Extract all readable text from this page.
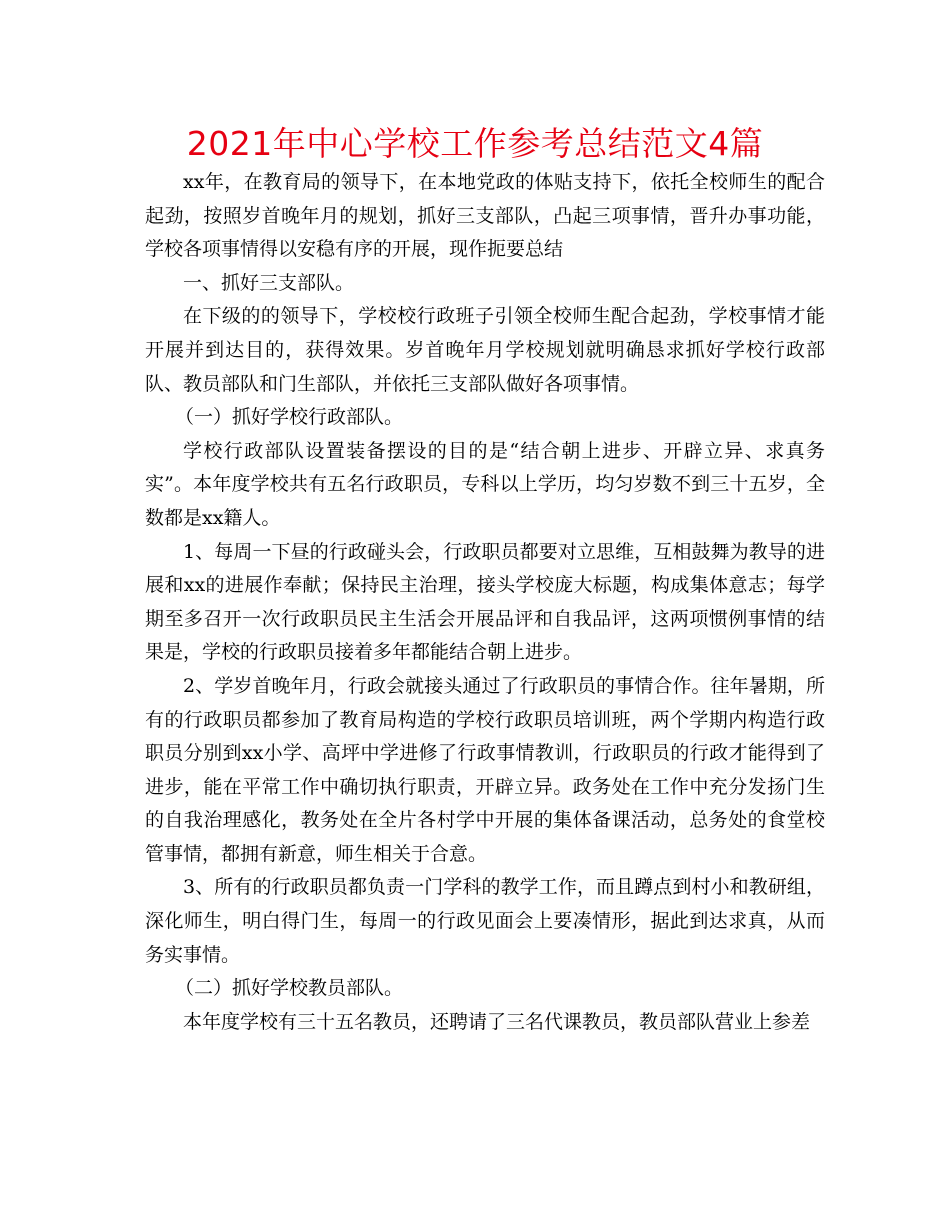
2021年中心学校工作参考总结范文4篇

xx年，在教育局的领导下，在本地党政的体贴支持下，依托全校师生的配合起劲，按照岁首晚年月的规划，抓好三支部队，凸起三项事情，晋升办事功能，学校各项事情得以安稳有序的开展，现作扼要总结

一、抓好三支部队。

在下级的的领导下，学校校行政班子引领全校师生配合起劲，学校事情才能开展并到达目的，获得效果。岁首晚年月学校规划就明确恳求抓好学校行政部队、教员部队和门生部队，并依托三支部队做好各项事情。

（一）抓好学校行政部队。

学校行政部队设置装备摆设的目的是“结合朝上进步、开辟立异、求真务实”。本年度学校共有五名行政职员，专科以上学历，均匀岁数不到三十五岁，全数都是xx籍人。

1、每周一下昼的行政碰头会，行政职员都要对立思维，互相鼓舞为教导的进展和xx的进展作奉献；保持民主治理，接头学校庞大标题，构成集体意志；每学期至多召开一次行政职员民主生活会开展品评和自我品评，这两项惯例事情的结果是，学校的行政职员接着多年都能结合朝上进步。

2、学岁首晚年月，行政会就接头通过了行政职员的事情合作。往年暑期，所有的行政职员都参加了教育局构造的学校行政职员培训班，两个学期内构造行政职员分别到xx小学、高坪中学进修了行政事情教训，行政职员的行政才能得到了进步，能在平常工作中确切执行职责，开辟立异。政务处在工作中充分发扬门生的自我治理感化，教务处在全片各村学中开展的集体备课活动，总务处的食堂校管事情，都拥有新意，师生相关于合意。

3、所有的行政职员都负责一门学科的教学工作，而且蹲点到村小和教研组，深化师生，明白得门生，每周一的行政见面会上要凑情形，据此到达求真，从而务实事情。

（二）抓好学校教员部队。

本年度学校有三十五名教员，还聘请了三名代课教员，教员部队营业上参差
